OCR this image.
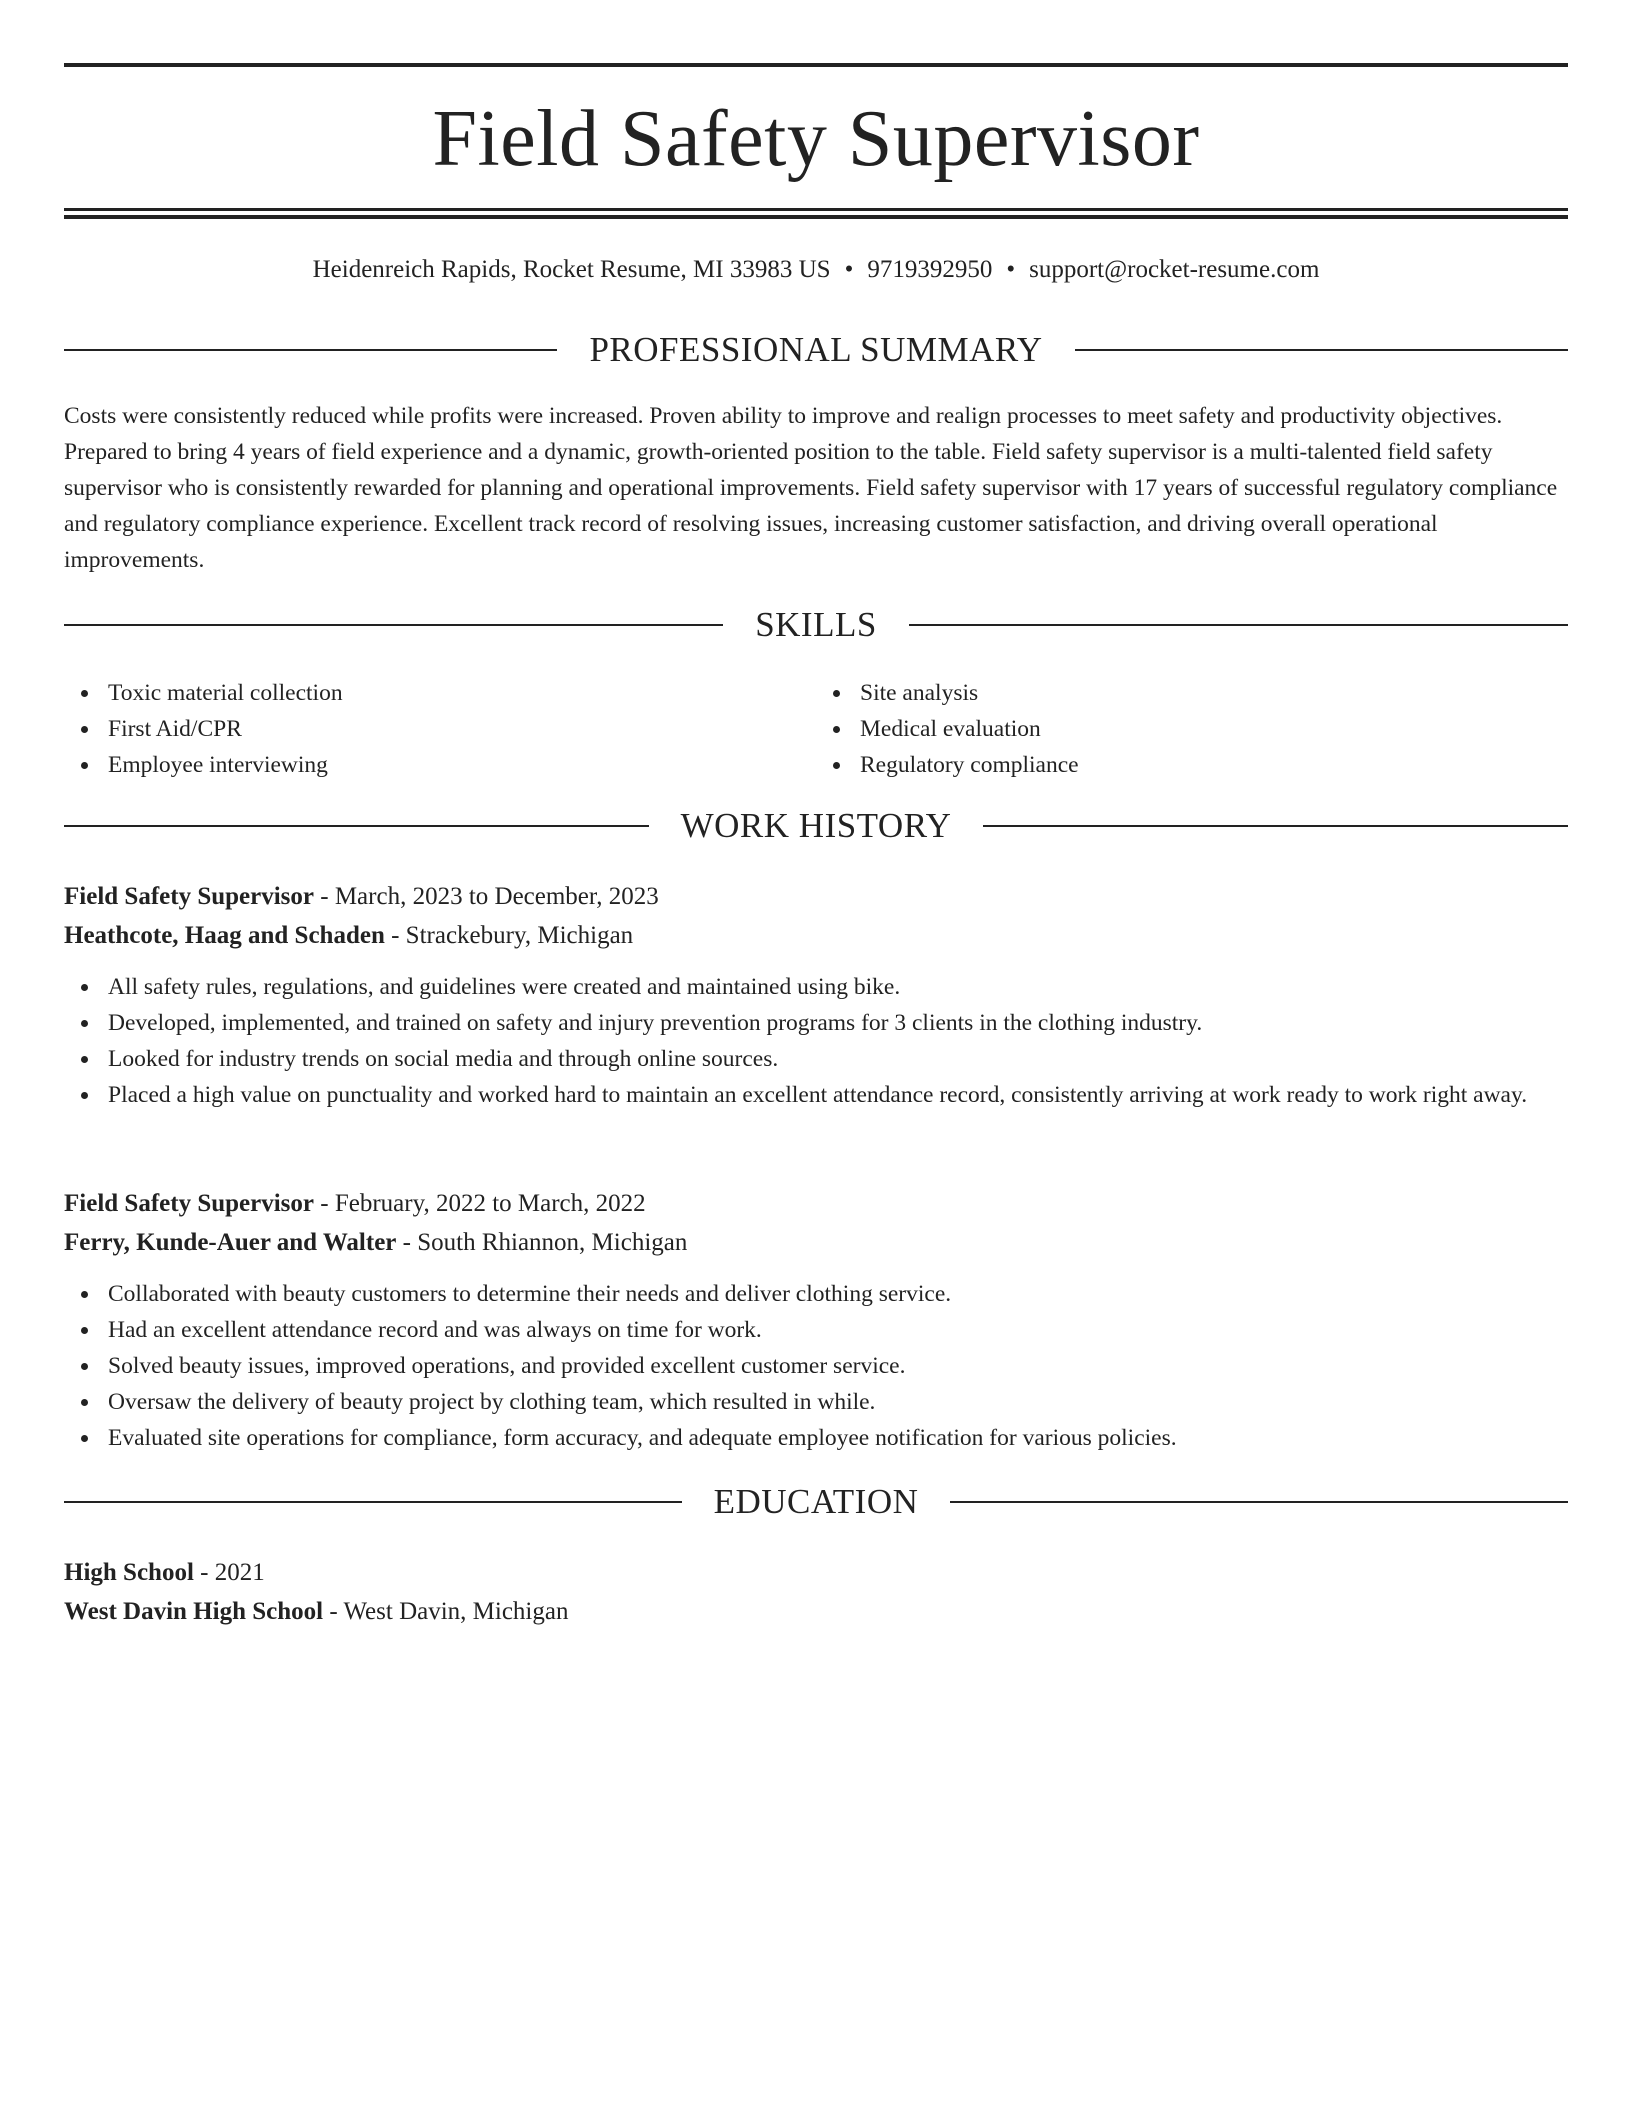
Field Safety Supervisor
Heidenreich Rapids, Rocket Resume, MI 33983 US • 9719392950 • support@rocket-resume.com
PROFESSIONAL SUMMARY

Costs were consistently reduced while profits were increased. Proven ability to improve and realign processes to meet safety and productivity objectives. Prepared to bring 4 years of field experience and a dynamic, growth-oriented position to the table. Field safety supervisor is a multi-talented field safety supervisor who is consistently rewarded for planning and operational improvements. Field safety supervisor with 17 years of successful regulatory compliance and regulatory compliance experience. Excellent track record of resolving issues, increasing customer satisfaction, and driving overall operational improvements.

SKILLS
Toxic material collection
First Aid/CPR
Employee interviewing
Site analysis
Medical evaluation
Regulatory compliance
WORK HISTORY
Field Safety Supervisor - March, 2023 to December, 2023
Heathcote, Haag and Schaden - Strackebury, Michigan
All safety rules, regulations, and guidelines were created and maintained using bike.
Developed, implemented, and trained on safety and injury prevention programs for 3 clients in the clothing industry.
Looked for industry trends on social media and through online sources.
Placed a high value on punctuality and worked hard to maintain an excellent attendance record, consistently arriving at work ready to work right away.
Field Safety Supervisor - February, 2022 to March, 2022
Ferry, Kunde-Auer and Walter - South Rhiannon, Michigan
Collaborated with beauty customers to determine their needs and deliver clothing service.
Had an excellent attendance record and was always on time for work.
Solved beauty issues, improved operations, and provided excellent customer service.
Oversaw the delivery of beauty project by clothing team, which resulted in while.
Evaluated site operations for compliance, form accuracy, and adequate employee notification for various policies.
EDUCATION
High School - 2021
West Davin High School - West Davin, Michigan
